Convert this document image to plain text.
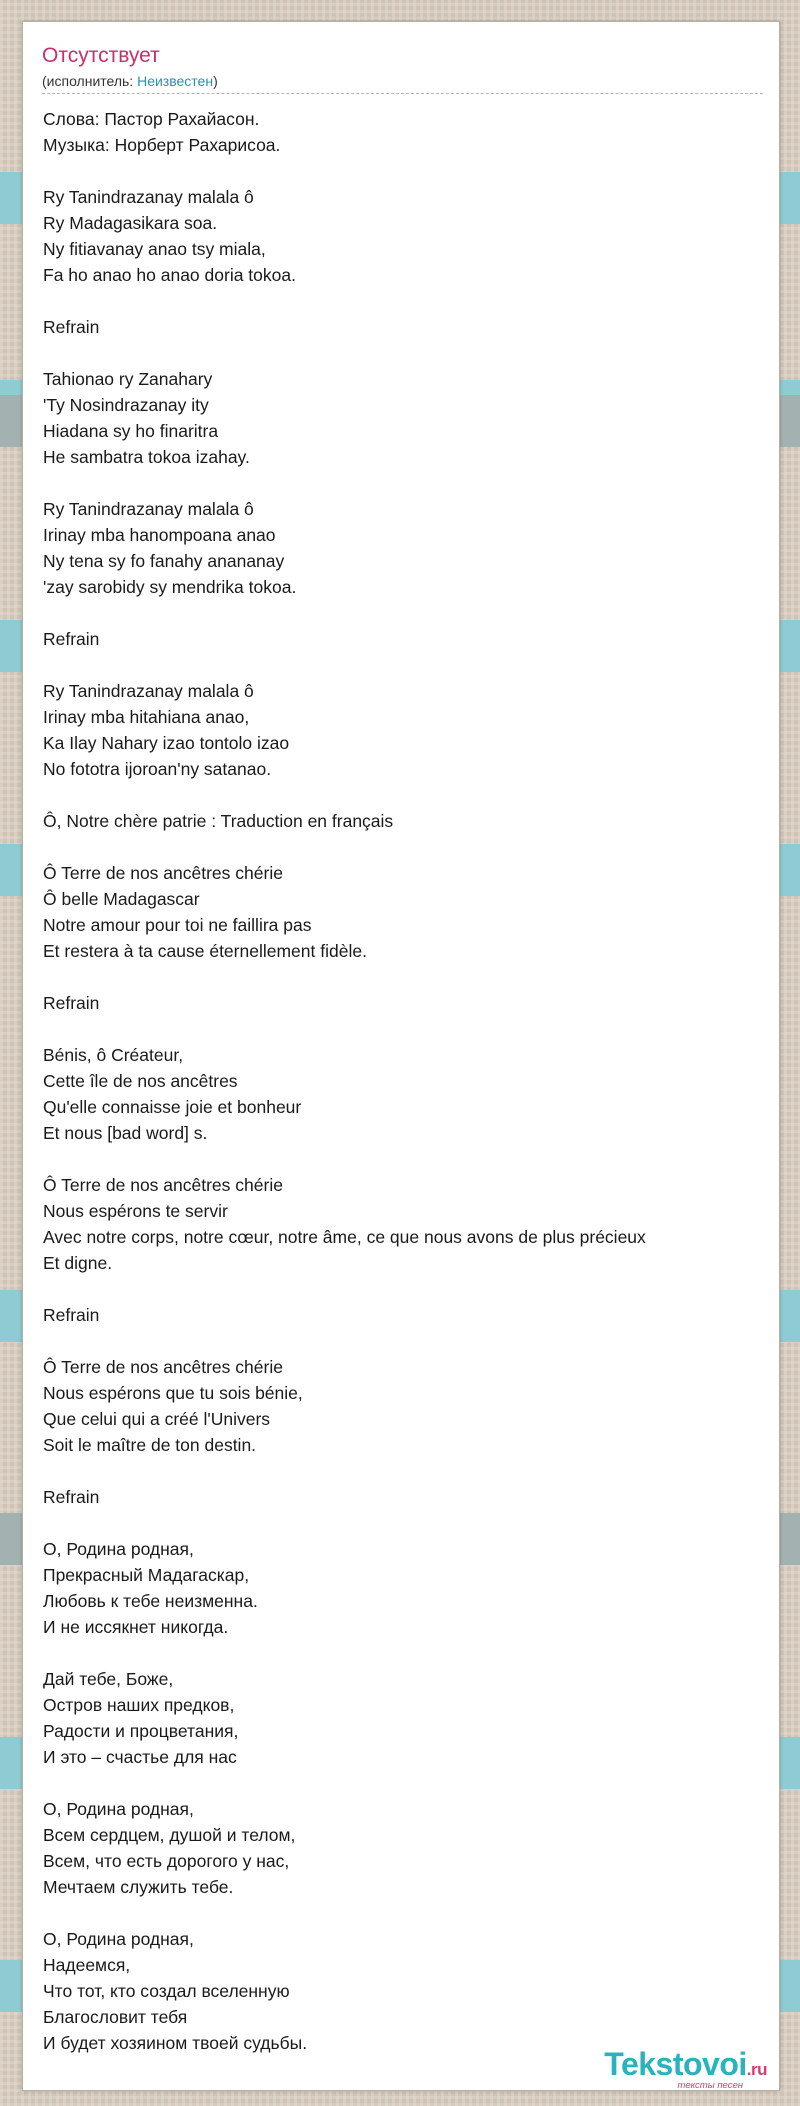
Отсутствует
(исполнитель: Неизвестен)
Слова: Пастор Рахайасон.
Музыка: Норберт Рахарисоа.
Ry Tanindrazanay malala ô
Ry Madagasikara soa.
Ny fitiavanay anao tsy miala,
Fa ho anao ho anao doria tokoa.
Refrain
Tahionao ry Zanahary
'Ty Nosindrazanay ity
Hiadana sy ho finaritra
He sambatra tokoa izahay.
Ry Tanindrazanay malala ô
Irinay mba hanompoana anao
Ny tena sy fo fanahy anananay
'zay sarobidy sy mendrika tokoa.
Refrain
Ry Tanindrazanay malala ô
Irinay mba hitahiana anao,
Ka Ilay Nahary izao tontolo izao
No fototra ijoroan'ny satanao.
Ô, Notre chère patrie : Traduction en français
Ô Terre de nos ancêtres chérie
Ô belle Madagascar
Notre amour pour toi ne faillira pas
Et restera à ta cause éternellement fidèle.
Refrain
Bénis, ô Créateur,
Cette île de nos ancêtres
Qu'elle connaisse joie et bonheur
Et nous [bad word] s.
Ô Terre de nos ancêtres chérie
Nous espérons te servir
Avec notre corps, notre cœur, notre âme, ce que nous avons de plus précieux
Et digne.
Refrain
Ô Terre de nos ancêtres chérie
Nous espérons que tu sois bénie,
Que celui qui a créé l'Univers
Soit le maître de ton destin.
Refrain
О, Родина родная,
Прекрасный Мадагаскар,
Любовь к тебе неизменна.
И не иссякнет никогда.
Дай тебе, Боже,
Остров наших предков,
Радости и процветания,
И это – счастье для нас
О, Родина родная,
Всем сердцем, душой и телом,
Всем, что есть дорогого у нас,
Мечтаем служить тебе.
О, Родина родная,
Надеемся,
Что тот, кто создал вселенную
Благословит тебя
И будет хозяином твоей судьбы.
Tekstovoi.ru
тексты песен
